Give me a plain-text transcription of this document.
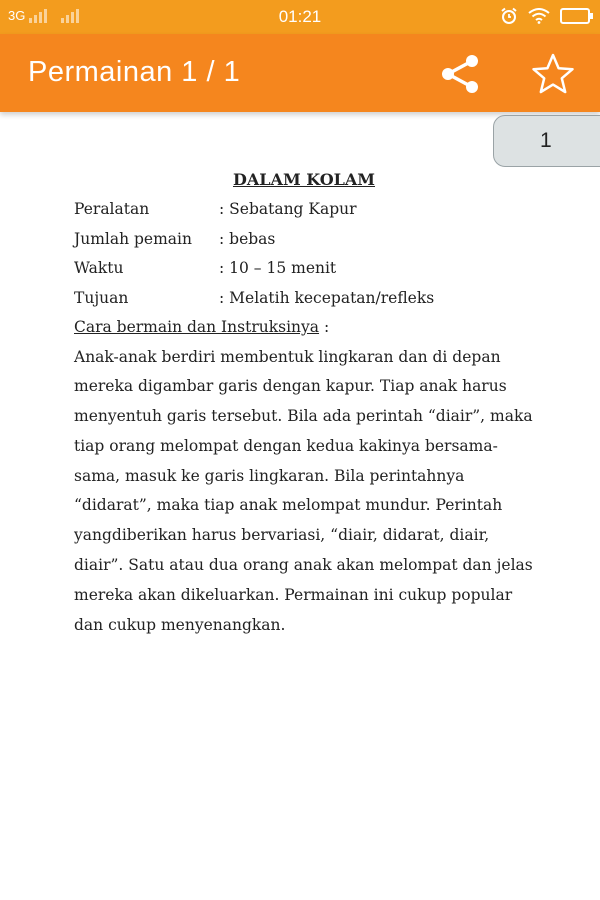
3G	01:21
Permainan 1 / 1
1
DALAM KOLAM
Peralatan	: Sebatang Kapur
Jumlah pemain	: bebas
Waktu	: 10 – 15 menit
Tujuan	: Melatih kecepatan/refleks
Cara bermain dan Instruksinya :

Anak-anak berdiri membentuk lingkaran dan di depan mereka digambar garis dengan kapur. Tiap anak harus menyentuh garis tersebut. Bila ada perintah “diair”, maka tiap orang melompat dengan kedua kakinya bersama-sama, masuk ke garis lingkaran. Bila perintahnya “didarat”, maka tiap anak melompat mundur. Perintah yangdiberikan harus bervariasi, “diair, didarat, diair, diair”. Satu atau dua orang anak akan melompat dan jelas mereka akan dikeluarkan. Permainan ini cukup popular dan cukup menyenangkan.
